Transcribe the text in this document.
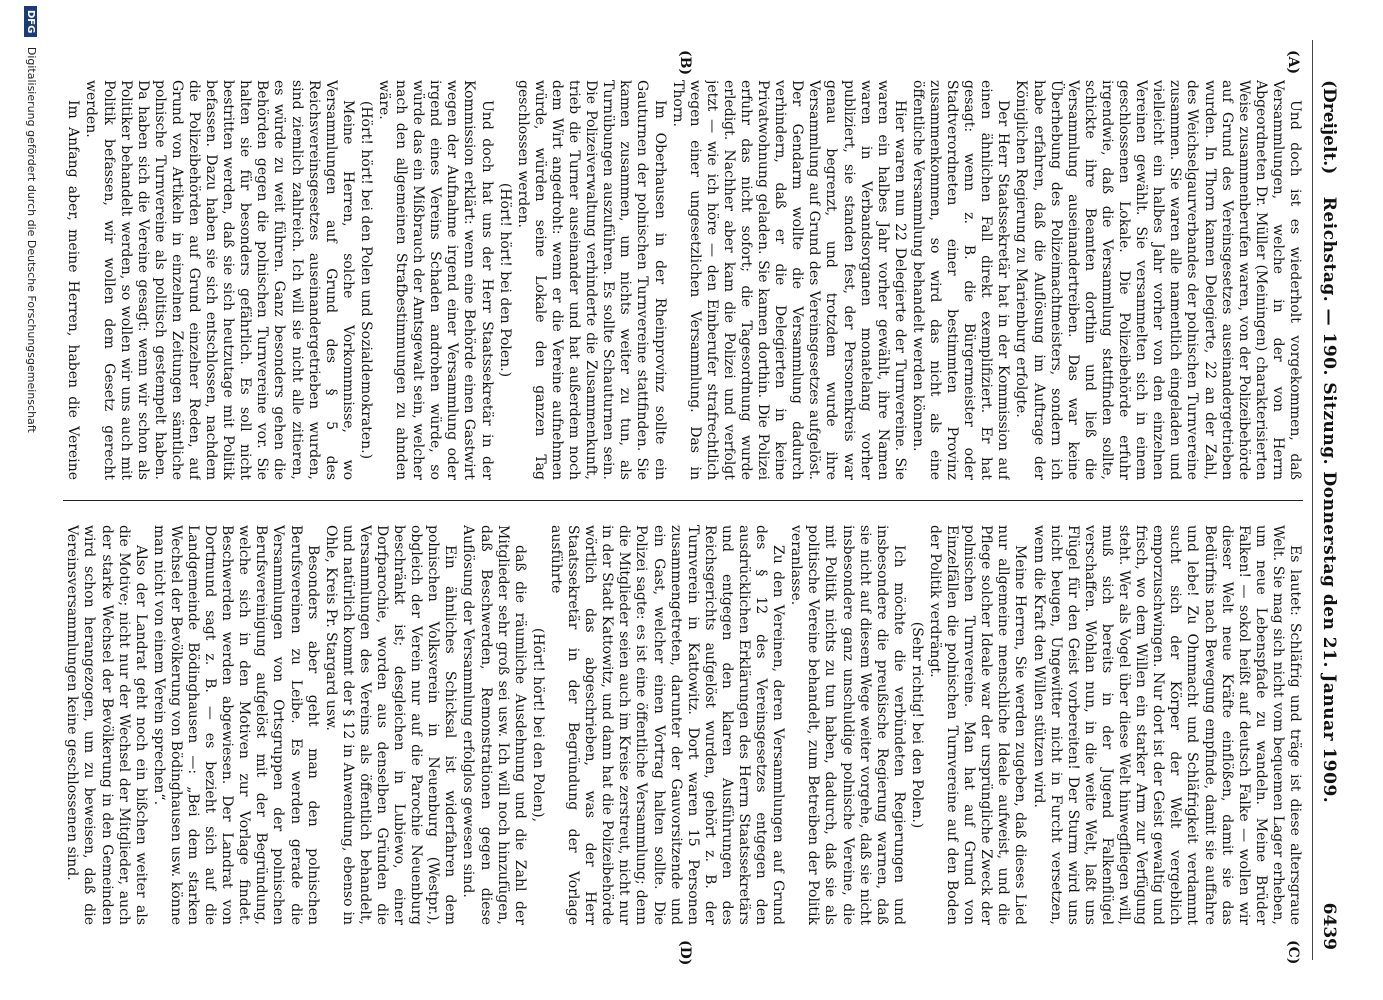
(Dreijelt.)
Reichstag. — 190. Sitzung. Donnerstag den 21. Januar 1909.
6439
(A)
(B)
(C)
(D)

Und doch ist es wiederholt vorgekommen, daß Versammlungen, welche in der von Herrn Abgeordneten Dr. Müller (Meiningen) charakterisierten Weise zusammenberufen waren, von der Polizeibehörde auf Grund des Vereinsgesetzes auseinandergetrieben wurden. In Thorn kamen Delegierte, 22 an der Zahl, des Weichselgaurverbandes der polnischen Turnvereine zusammen. Sie waren alle namentlich eingeladen und vielleicht ein halbes Jahr vorher von den einzelnen Vereinen gewählt. Sie versammelten sich in einem geschlossenen Lokale. Die Polizeibehörde erfuhr irgendwie, daß die Versammlung stattfinden sollte, schickte ihre Beamten dorthin und ließ die Versammlung auseinandertreiben. Das war keine Überhebung des Polizeimachtmeisters, sondern ich habe erfahren, daß die Auflösung im Auftrage der Königlichen Regierung zu Marienburg erfolgte.

Der Herr Staatssekretär hat in der Kommission auf einen ähnlichen Fall direkt exemplifiziert. Er hat gesagt: wenn z. B. die Bürgermeister oder Stadtverordneten einer bestimmten Provinz zusammenkommen, so wird das nicht als eine öffentliche Versammlung behandelt werden können.

Hier waren nun 22 Delegierte der Turnvereine. Sie waren ein halbes Jahr vorher gewählt, ihre Namen waren in Verbandsorganen monatelang vorher publiziert, sie standen fest, der Personenkreis war genau begrenzt, und trotzdem wurde ihre Versammlung auf Grund des Vereinsgesetzes aufgelöst. Der Gendarm wollte die Versammlung dadurch verhindern, daß er die Delegierten in keine Privatwohnung geladen. Sie kamen dorthin. Die Polizei erfuhr das nicht sofort; die Tagesordnung wurde erledigt. Nachher aber kam die Polizei und verfolgt jetzt — wie ich höre — den Einberufer strafrechtlich wegen einer ungesetzlichen Versammlung. Das in Thorn.

Im Oberhausen in der Rheinprovinz sollte ein Gauturnen der polnischen Turnvereine stattfinden. Sie kamen zusammen, um nichts weiter zu tun, als Turnübungen auszuführen. Es sollte Schauturnen sein. Die Polizeiverwaltung verhinderte die Zusammenkunft, trieb die Turner auseinander und hat außerdem noch dem Wirt angedroht: wenn er die Vereine aufnehmen würde, würden seine Lokale den ganzen Tag geschlossen werden.

(Hört! hört! bei den Polen.)

Und doch hat uns der Herr Staatssekretär in der Kommission erklärt: wenn eine Behörde einen Gastwirt wegen der Aufnahme irgend einer Versammlung oder irgend eines Vereins Schaden androhen würde, so würde das ein Mißbrauch der Amtsgewalt sein, welcher nach den allgemeinen Strafbestimmungen zu ahnden wäre.

(Hört! hört! bei den Polen und Sozialdemokraten.)

Meine Herren, solche Vorkommnisse, wo Versammlungen auf Grund des § 5 des Reichsvereinsgesetzes auseinandergetrieben wurden, sind ziemlich zahlreich. Ich will sie nicht alle zitieren, es würde zu weit führen. Ganz besonders gehen die Behörden gegen die polnischen Turnvereine vor. Sie halten sie für besonders gefährlich. Es soll nicht bestritten werden, daß sie sich heutzutage mit Politik befassen. Dazu haben sie sich entschlossen, nachdem die Polizeibehörden auf Grund einzelner Reden, auf Grund von Artikeln in einzelnen Zeitungen sämtliche polnische Turnvereine als politisch gestempelt haben. Da haben sich die Vereine gesagt: wenn wir schon als Politiker behandelt werden, so wollen wir uns auch mit Politik befassen, wir wollen dem Gesetz gerecht werden.

Im Anfang aber, meine Herren, haben die Vereine

Es lautet: Schläfrig und träge ist diese altersgraue Welt. Sie mag sich nicht vom bequemen Lager erheben, um neue Lebenspfade zu wandeln. Meine Brüder Falken! — sokol heißt auf deutsch Falke — wollen wir dieser Welt neue Kräfte einflößen, damit sie das Bedürfnis nach Bewegung empfinde, damit sie auffahre und lebe! Zu Ohnmacht und Schläfrigkeit verdammt sucht sich der Körper der Welt vergeblich emporzuschwingen. Nur dort ist der Geist gewaltig und frisch, wo dem Willen ein starker Arm zur Verfügung steht. Wer als Vogel über diese Welt hinwegfliegen will, muß sich bereits in der Jugend Falkenflügel verschaffen. Wohlan nun, in die weite Welt, laßt uns Flügel für den Geist vorbereiten! Der Sturm wird uns nicht beugen, Ungewitter nicht in Furcht versetzen, wenn die Kraft den Willen stützen wird.

Meine Herren, Sie werden zugeben, daß dieses Lied nur allgemeine menschliche Ideale aufweist, und die Pflege solcher Ideale war der ursprüngliche Zweck der polnischen Turnvereine. Man hat auf Grund von Einzelfällen die polnischen Turnvereine auf den Boden der Politik verdrängt.

(Sehr richtig! bei den Polen.)

Ich möchte die verbündeten Regierungen und insbesondere die preußische Regierung warnen, daß sie nicht auf diesem Wege weiter vorgehe, daß sie nicht insbesondere ganz unschuldige polnische Vereine, die mit Politik nichts zu tun haben, dadurch, daß sie als politische Vereine behandelt, zum Betreiben der Politik veranlasse.

Zu den Vereinen, deren Versammlungen auf Grund des § 12 des Vereinsgesetzes entgegen den ausdrücklichen Erklärungen des Herrn Staatssekretärs und entgegen den klaren Ausführungen des Reichsgerichts aufgelöst wurden, gehört z. B. der Turnverein in Kattowitz. Dort waren 15 Personen zusammengetreten, darunter der Gauvorsitzende und ein Gast, welcher einen Vortrag halten sollte. Die Polizei sagte: es ist eine öffentliche Versammlung; denn die Mitglieder seien auch im Kreise zerstreut, nicht nur in der Stadt Kattowitz, und dann hat die Polizeibehörde wörtlich das abgeschrieben, was der Herr Staatssekretär in der Begründung der Vorlage ausführte

(Hört! hört! bei den Polen),

daß die räumliche Ausdehnung und die Zahl der Mitglieder sehr groß sei usw. Ich will noch hinzufügen, daß Beschwerden, Remonstrationen gegen diese Auflösung der Versammlung erfolglos gewesen sind.

Ein ähnliches Schicksal ist widerfahren dem polnischen Volksverein in Neuenburg (Westpr.), obgleich der Verein nur auf die Parochie Neuenburg beschränkt ist; desgleichen in Lubiewo, einer Dorfparochie, worden aus denselben Gründen die Versammlungen des Vereins als öffentlich behandelt, und natürlich kommt der § 12 in Anwendung, ebenso in Ohle, Kreis Pr. Stargard usw.

Besonders aber geht man den polnischen Berufsvereinen zu Leibe. Es werden gerade die Versammlungen von Ortsgruppen der polnischen Berufsvereinigung aufgelöst mit der Begründung, welche sich in den Motiven zur Vorlage findet. Beschwerden werden abgewiesen. Der Landrat von Dortmund sagt z. B. — es bezieht sich auf die Landgemeinde Bödinghausen —: „Bei dem starken Wechsel der Bevölkerung von Bödinghausen usw. könne man nicht von einem Verein sprechen“.

Also der Landrat geht noch ein bißchen weiter als die Motive; nicht nur der Wechsel der Mitglieder, auch der starke Wechsel der Bevölkerung in den Gemeinden wird schon herangezogen, um zu beweisen, daß die Vereinsversammlungen keine geschlossenen sind.

DFG Digitalisierung gefördert durch die Deutsche Forschungsgemeinschaft
